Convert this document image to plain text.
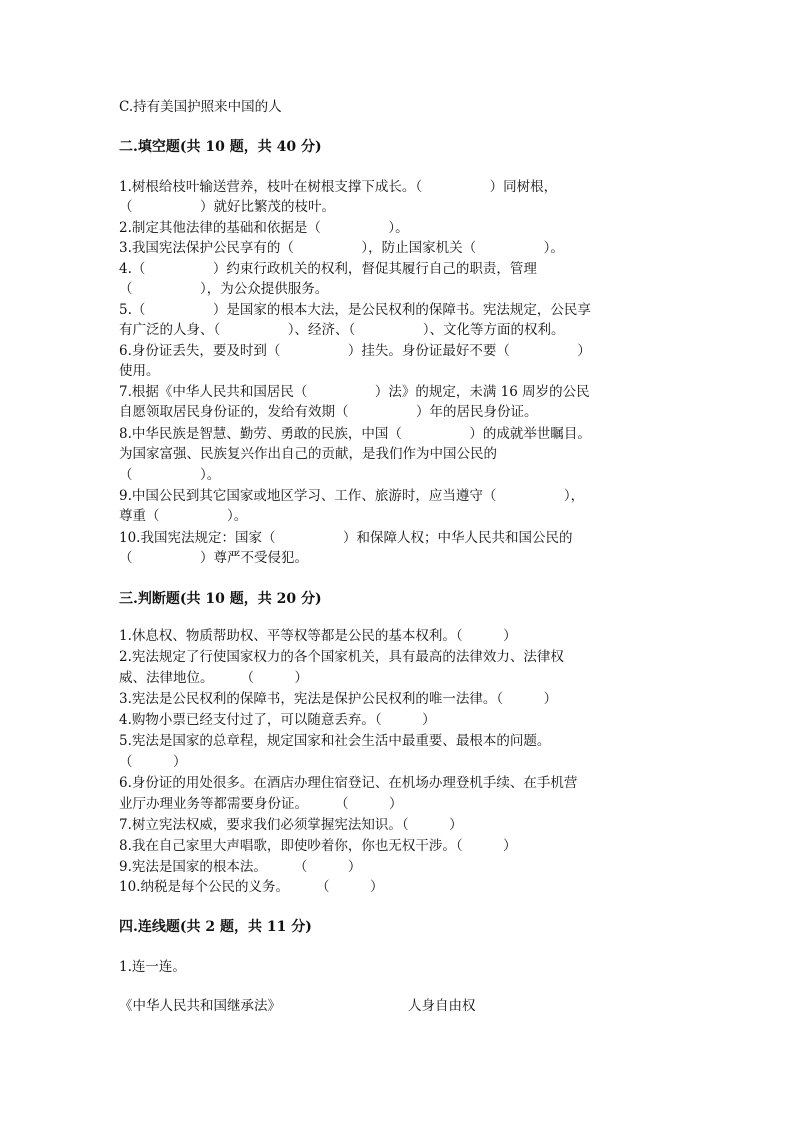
C.持有美国护照来中国的人
二.填空题(共 10 题，共 40 分)
1.树根给枝叶输送营养，枝叶在树根支撑下成长。（　　　　　）同树根，
（　　　　　）就好比繁茂的枝叶。
2.制定其他法律的基础和依据是（　　　　　）。
3.我国宪法保护公民享有的（　　　　　），防止国家机关（　　　　　）。
4.（　　　　　）约束行政机关的权利，督促其履行自己的职责，管理
（　　　　　），为公众提供服务。
5.（　　　　　）是国家的根本大法，是公民权利的保障书。宪法规定，公民享
有广泛的人身、（　　　　　）、经济、（　　　　　）、文化等方面的权利。
6.身份证丢失，要及时到（　　　　　）挂失。身份证最好不要（　　　　　）
使用。
7.根据《中华人民共和国居民（　　　　　）法》的规定，未满 16 周岁的公民
自愿领取居民身份证的，发给有效期（　　　　　）年的居民身份证。
8.中华民族是智慧、勤劳、勇敢的民族，中国（　　　　　）的成就举世瞩目。
为国家富强、民族复兴作出自己的贡献，是我们作为中国公民的
（　　　　　）。
9.中国公民到其它国家或地区学习、工作、旅游时，应当遵守（　　　　　），
尊重（　　　　　）。
10.我国宪法规定：国家（　　　　　）和保障人权；中华人民共和国公民的
（　　　　　）尊严不受侵犯。
三.判断题(共 10 题，共 20 分)
1.休息权、物质帮助权、平等权等都是公民的基本权利。（　　　）
2.宪法规定了行使国家权力的各个国家机关，具有最高的法律效力、法律权
威、法律地位。　　　（　　　）
3.宪法是公民权利的保障书，宪法是保护公民权利的唯一法律。（　　　）
4.购物小票已经支付过了，可以随意丢弃。（　　　）
5.宪法是国家的总章程，规定国家和社会生活中最重要、最根本的问题。
（　　　）
6.身份证的用处很多。在酒店办理住宿登记、在机场办理登机手续、在手机营
业厅办理业务等都需要身份证。　　　（　　　）
7.树立宪法权威，要求我们必须掌握宪法知识。（　　　）
8.我在自己家里大声唱歌，即使吵着你，你也无权干涉。（　　　）
9.宪法是国家的根本法。　　　（　　　）
10.纳税是每个公民的义务。　　　（　　　）
四.连线题(共 2 题，共 11 分)
1.连一连。
《中华人民共和国继承法》	人身自由权
